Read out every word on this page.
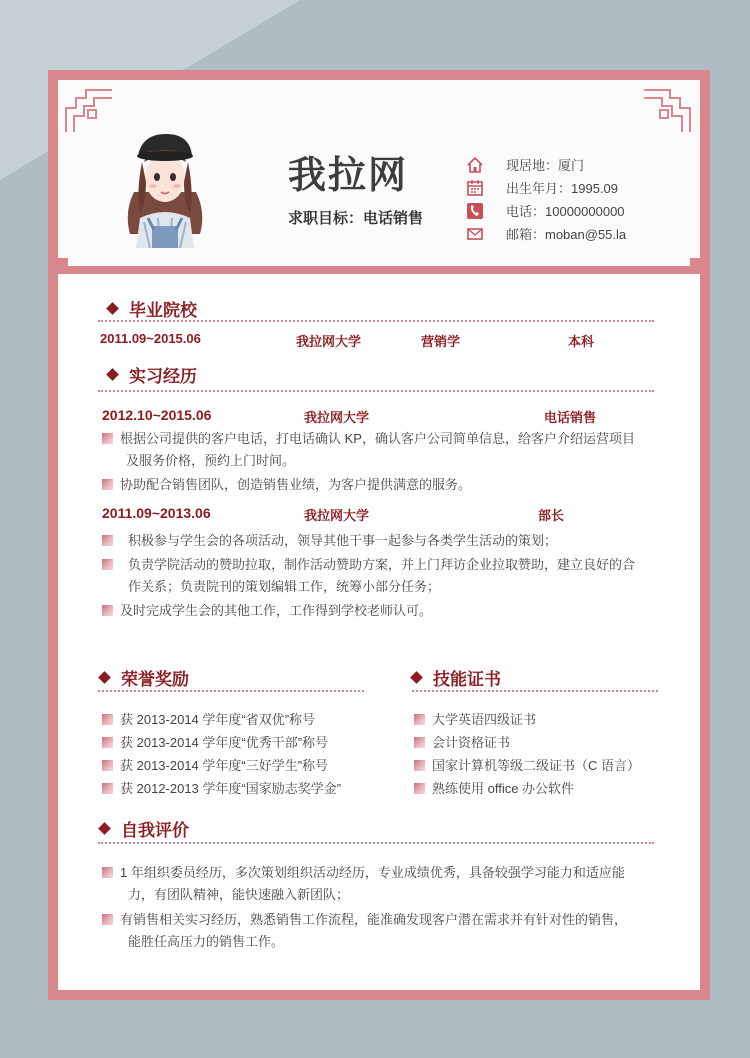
我拉网
求职目标：电话销售
现居地：厦门
出生年月：1995.09
电话：10000000000
邮箱：moban@55.la
毕业院校
2011.09~2015.06	我拉网大学	营销学	本科
实习经历
2012.10~2015.06	我拉网大学	电话销售
根据公司提供的客户电话，打电话确认 KP，确认客户公司简单信息，给客户介绍运营项目
及服务价格，预约上门时间。
协助配合销售团队，创造销售业绩，为客户提供满意的服务。
2011.09~2013.06	我拉网大学	部长
积极参与学生会的各项活动，领导其他干事一起参与各类学生活动的策划；
负责学院活动的赞助拉取，制作活动赞助方案，并上门拜访企业拉取赞助，建立良好的合
作关系；负责院刊的策划编辑工作，统筹小部分任务；
及时完成学生会的其他工作，工作得到学校老师认可。
荣誉奖励
获 2013-2014 学年度“省双优”称号
获 2013-2014 学年度“优秀干部”称号
获 2013-2014 学年度“三好学生”称号
获 2012-2013 学年度“国家励志奖学金”
技能证书
大学英语四级证书
会计资格证书
国家计算机等级二级证书（C 语言）
熟练使用 office 办公软件
自我评价
1 年组织委员经历，多次策划组织活动经历，专业成绩优秀，具备较强学习能力和适应能
力，有团队精神，能快速融入新团队；
有销售相关实习经历，熟悉销售工作流程，能准确发现客户潜在需求并有针对性的销售，
能胜任高压力的销售工作。
